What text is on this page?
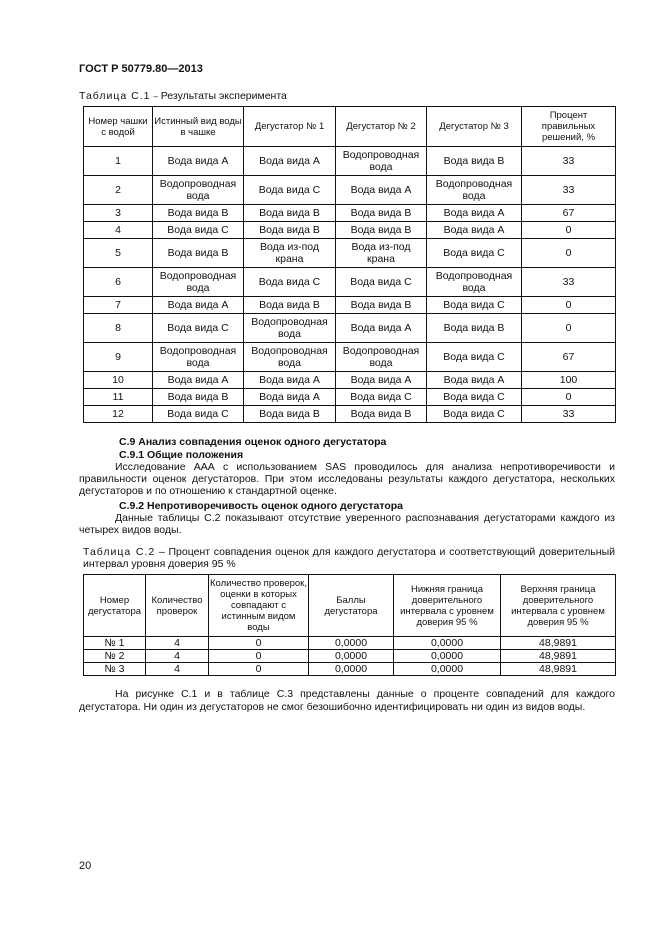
ГОСТ Р 50779.80—2013
Таблица С.1 – Результаты эксперимента
Номер чашки с водой	Истинный вид воды в чашке	Дегустатор № 1	Дегустатор № 2	Дегустатор № 3	Процент правильных решений, %
1	Вода вида А	Вода вида А	Водопроводная вода	Вода вида В	33
2	Водопроводная вода	Вода вида С	Вода вида А	Водопроводная вода	33
3	Вода вида В	Вода вида В	Вода вида В	Вода вида А	67
4	Вода вида С	Вода вида В	Вода вида В	Вода вида А	0
5	Вода вида В	Вода из-под крана	Вода из-под крана	Вода вида С	0
6	Водопроводная вода	Вода вида С	Вода вида С	Водопроводная вода	33
7	Вода вида А	Вода вида В	Вода вида В	Вода вида С	0
8	Вода вида С	Водопроводная вода	Вода вида А	Вода вида В	0
9	Водопроводная вода	Водопроводная вода	Водопроводная вода	Вода вида С	67
10	Вода вида А	Вода вида А	Вода вида А	Вода вида А	100
11	Вода вида В	Вода вида А	Вода вида С	Вода вида С	0
12	Вода вида С	Вода вида В	Вода вида В	Вода вида С	33
С.9 Анализ совпадения оценок одного дегустатора
С.9.1 Общие положения
Исследование ААА с использованием SAS проводилось для анализа непротиворечивости и правильности оценок дегустаторов. При этом исследованы результаты каждого дегустатора, нескольких дегустаторов и по отношению к стандартной оценке.
С.9.2 Непротиворечивость оценок одного дегустатора
Данные таблицы С.2 показывают отсутствие уверенного распознавания дегустаторами каждого из четырех видов воды.
Таблица С.2 – Процент совпадения оценок для каждого дегустатора и соответствующий доверительный интервал уровня доверия 95 %
Номер дегустатора	Количество проверок	Количество проверок, оценки в которых совпадают с истинным видом воды	Баллы дегустатора	Нижняя граница доверительного интервала с уровнем доверия 95 %	Верхняя граница доверительного интервала с уровнем доверия 95 %
№ 1	4	0	0,0000	0,0000	48,9891
№ 2	4	0	0,0000	0,0000	48,9891
№ 3	4	0	0,0000	0,0000	48,9891
На рисунке С.1 и в таблице С.3 представлены данные о проценте совпадений для каждого дегустатора. Ни один из дегустаторов не смог безошибочно идентифицировать ни один из видов воды.
20
